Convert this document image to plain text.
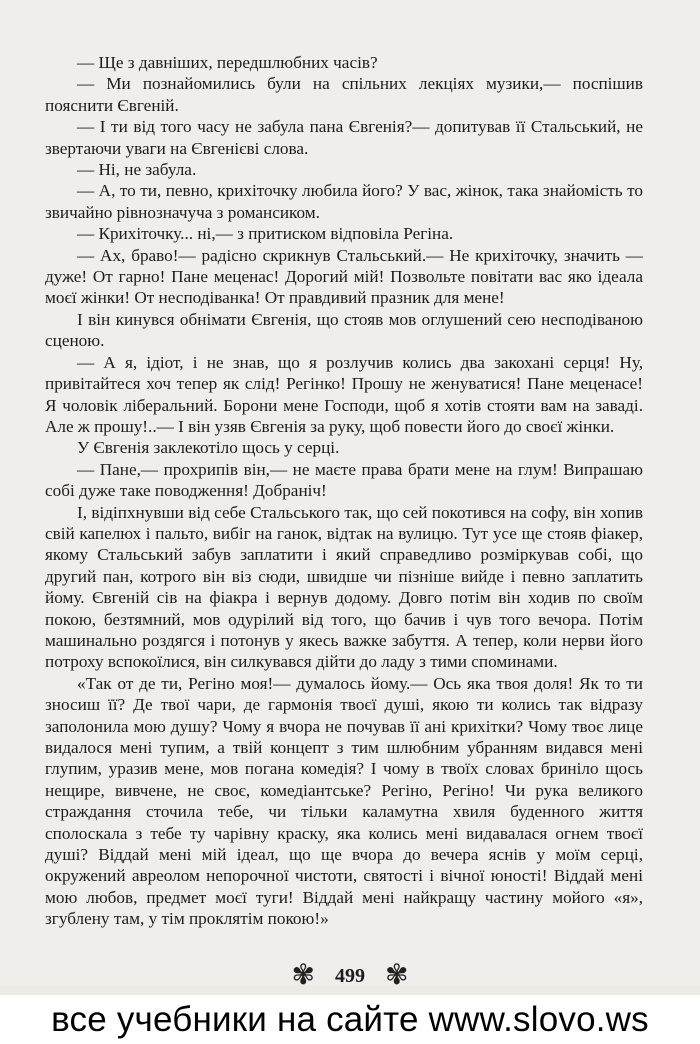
— Ще з давніших, передшлюбних часів?

— Ми познайомились були на спільних лекціях музики,— поспішив пояснити Євгеній.

— І ти від того часу не забула пана Євгенія?— допитував її Стальський, не звертаючи уваги на Євгенієві слова.

— Ні, не забула.

— А, то ти, певно, крихіточку любила його? У вас, жінок, така знайомість то звичайно рівнозначуча з романсиком.

— Крихіточку... ні,— з притиском відповіла Регіна.

— Ах, браво!— радісно скрикнув Стальський.— Не крихіточку, значить — дуже! От гарно! Пане меценас! Дорогий мій! Позвольте повітати вас яко ідеала моєї жінки! От несподіванка! От правдивий празник для мене!

І він кинувся обнімати Євгенія, що стояв мов оглушений сею несподіваною сценою.

— А я, ідіот, і не знав, що я розлучив колись два закохані серця! Ну, привітайтеся хоч тепер як слід! Регінко! Прошу не женуватися! Пане меценасе! Я чоловік ліберальний. Борони мене Господи, щоб я хотів стояти вам на заваді. Але ж прошу!..— І він узяв Євгенія за руку, щоб повести його до своєї жінки.

У Євгенія заклекотіло щось у серці.

— Пане,— прохрипів він,— не маєте права брати мене на глум! Випрашаю собі дуже таке поводження! Добраніч!

І, відіпхнувши від себе Стальського так, що сей покотився на софу, він хопив свій капелюх і пальто, вибіг на ганок, відтак на вулицю. Тут усе ще стояв фіакер, якому Стальський забув заплатити і який справедливо розміркував собі, що другий пан, котрого він віз сюди, швидше чи пізніше вийде і певно заплатить йому. Євгеній сів на фіакра і вернув додому. Довго потім він ходив по своїм покою, безтямний, мов одурілий від того, що бачив і чув того вечора. Потім машинально роздягся і потонув у якесь важке забуття. А тепер, коли нерви його потроху вспокоїлися, він силкувався дійти до ладу з тими споминами.

«Так от де ти, Регіно моя!— думалось йому.— Ось яка твоя доля! Як то ти зносиш її? Де твої чари, де гармонія твоєї душі, якою ти колись так відразу заполонила мою душу? Чому я вчора не почував її ані крихітки? Чому твоє лице видалося мені тупим, а твій концепт з тим шлюбним убранням видався мені глупим, уразив мене, мов погана комедія? І чому в твоїх словах бриніло щось нещире, вивчене, не своє, комедіантське? Регіно, Регіно! Чи рука великого страждання сточила тебе, чи тільки каламутна хвиля буденного життя сполоскала з тебе ту чарівну краску, яка колись мені видавалася огнем твоєї душі? Віддай мені мій ідеал, що ще вчора до вечера яснів у моїм серці, окружений авреолом непорочної чистоти, святості і вічної юності! Віддай мені мою любов, предмет моєї туги! Віддай мені найкращу частину мойого «я», згублену там, у тім проклятім покою!»

✾ 499 ✾
все учебники на сайте www.slovo.ws
